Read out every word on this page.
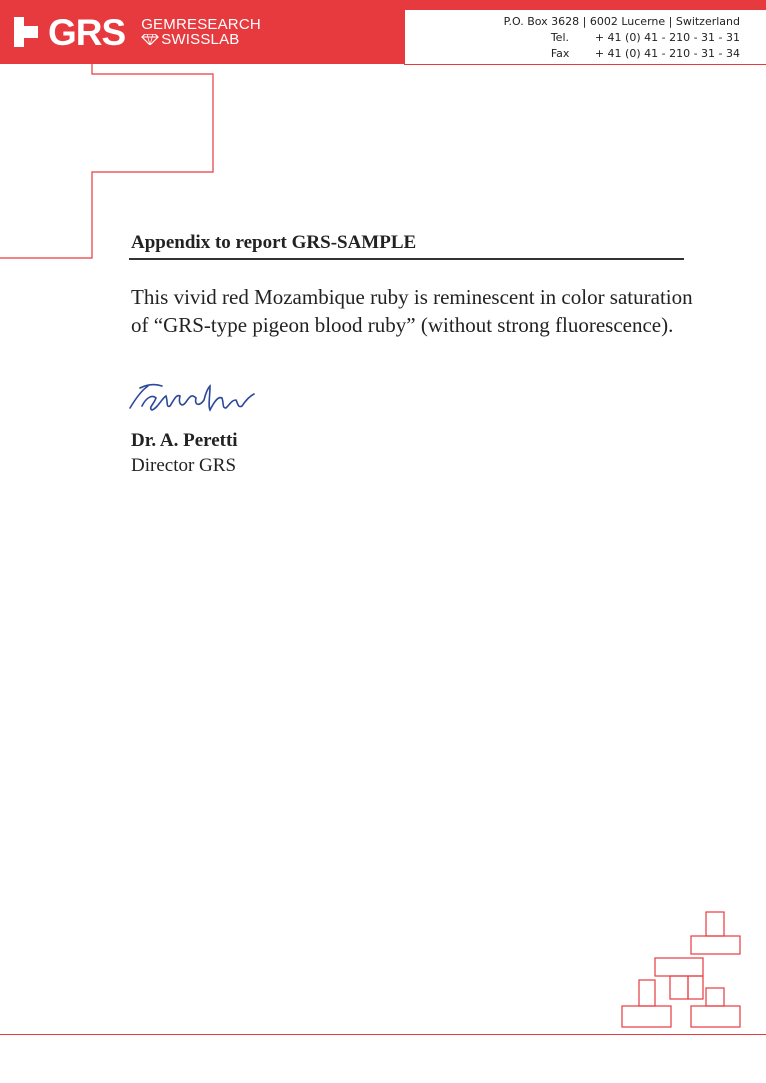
GRS GEMRESEARCH
SWISSLAB
P.O. Box 3628 | 6002 Lucerne | Switzerland
Tel. + 41 (0) 41 - 210 - 31 - 31
Fax + 41 (0) 41 - 210 - 31 - 34
Appendix to report GRS-SAMPLE
This vivid red Mozambique ruby is reminescent in color saturation
of “GRS-type pigeon blood ruby” (without strong fluorescence).
Dr. A. Peretti
Director GRS
